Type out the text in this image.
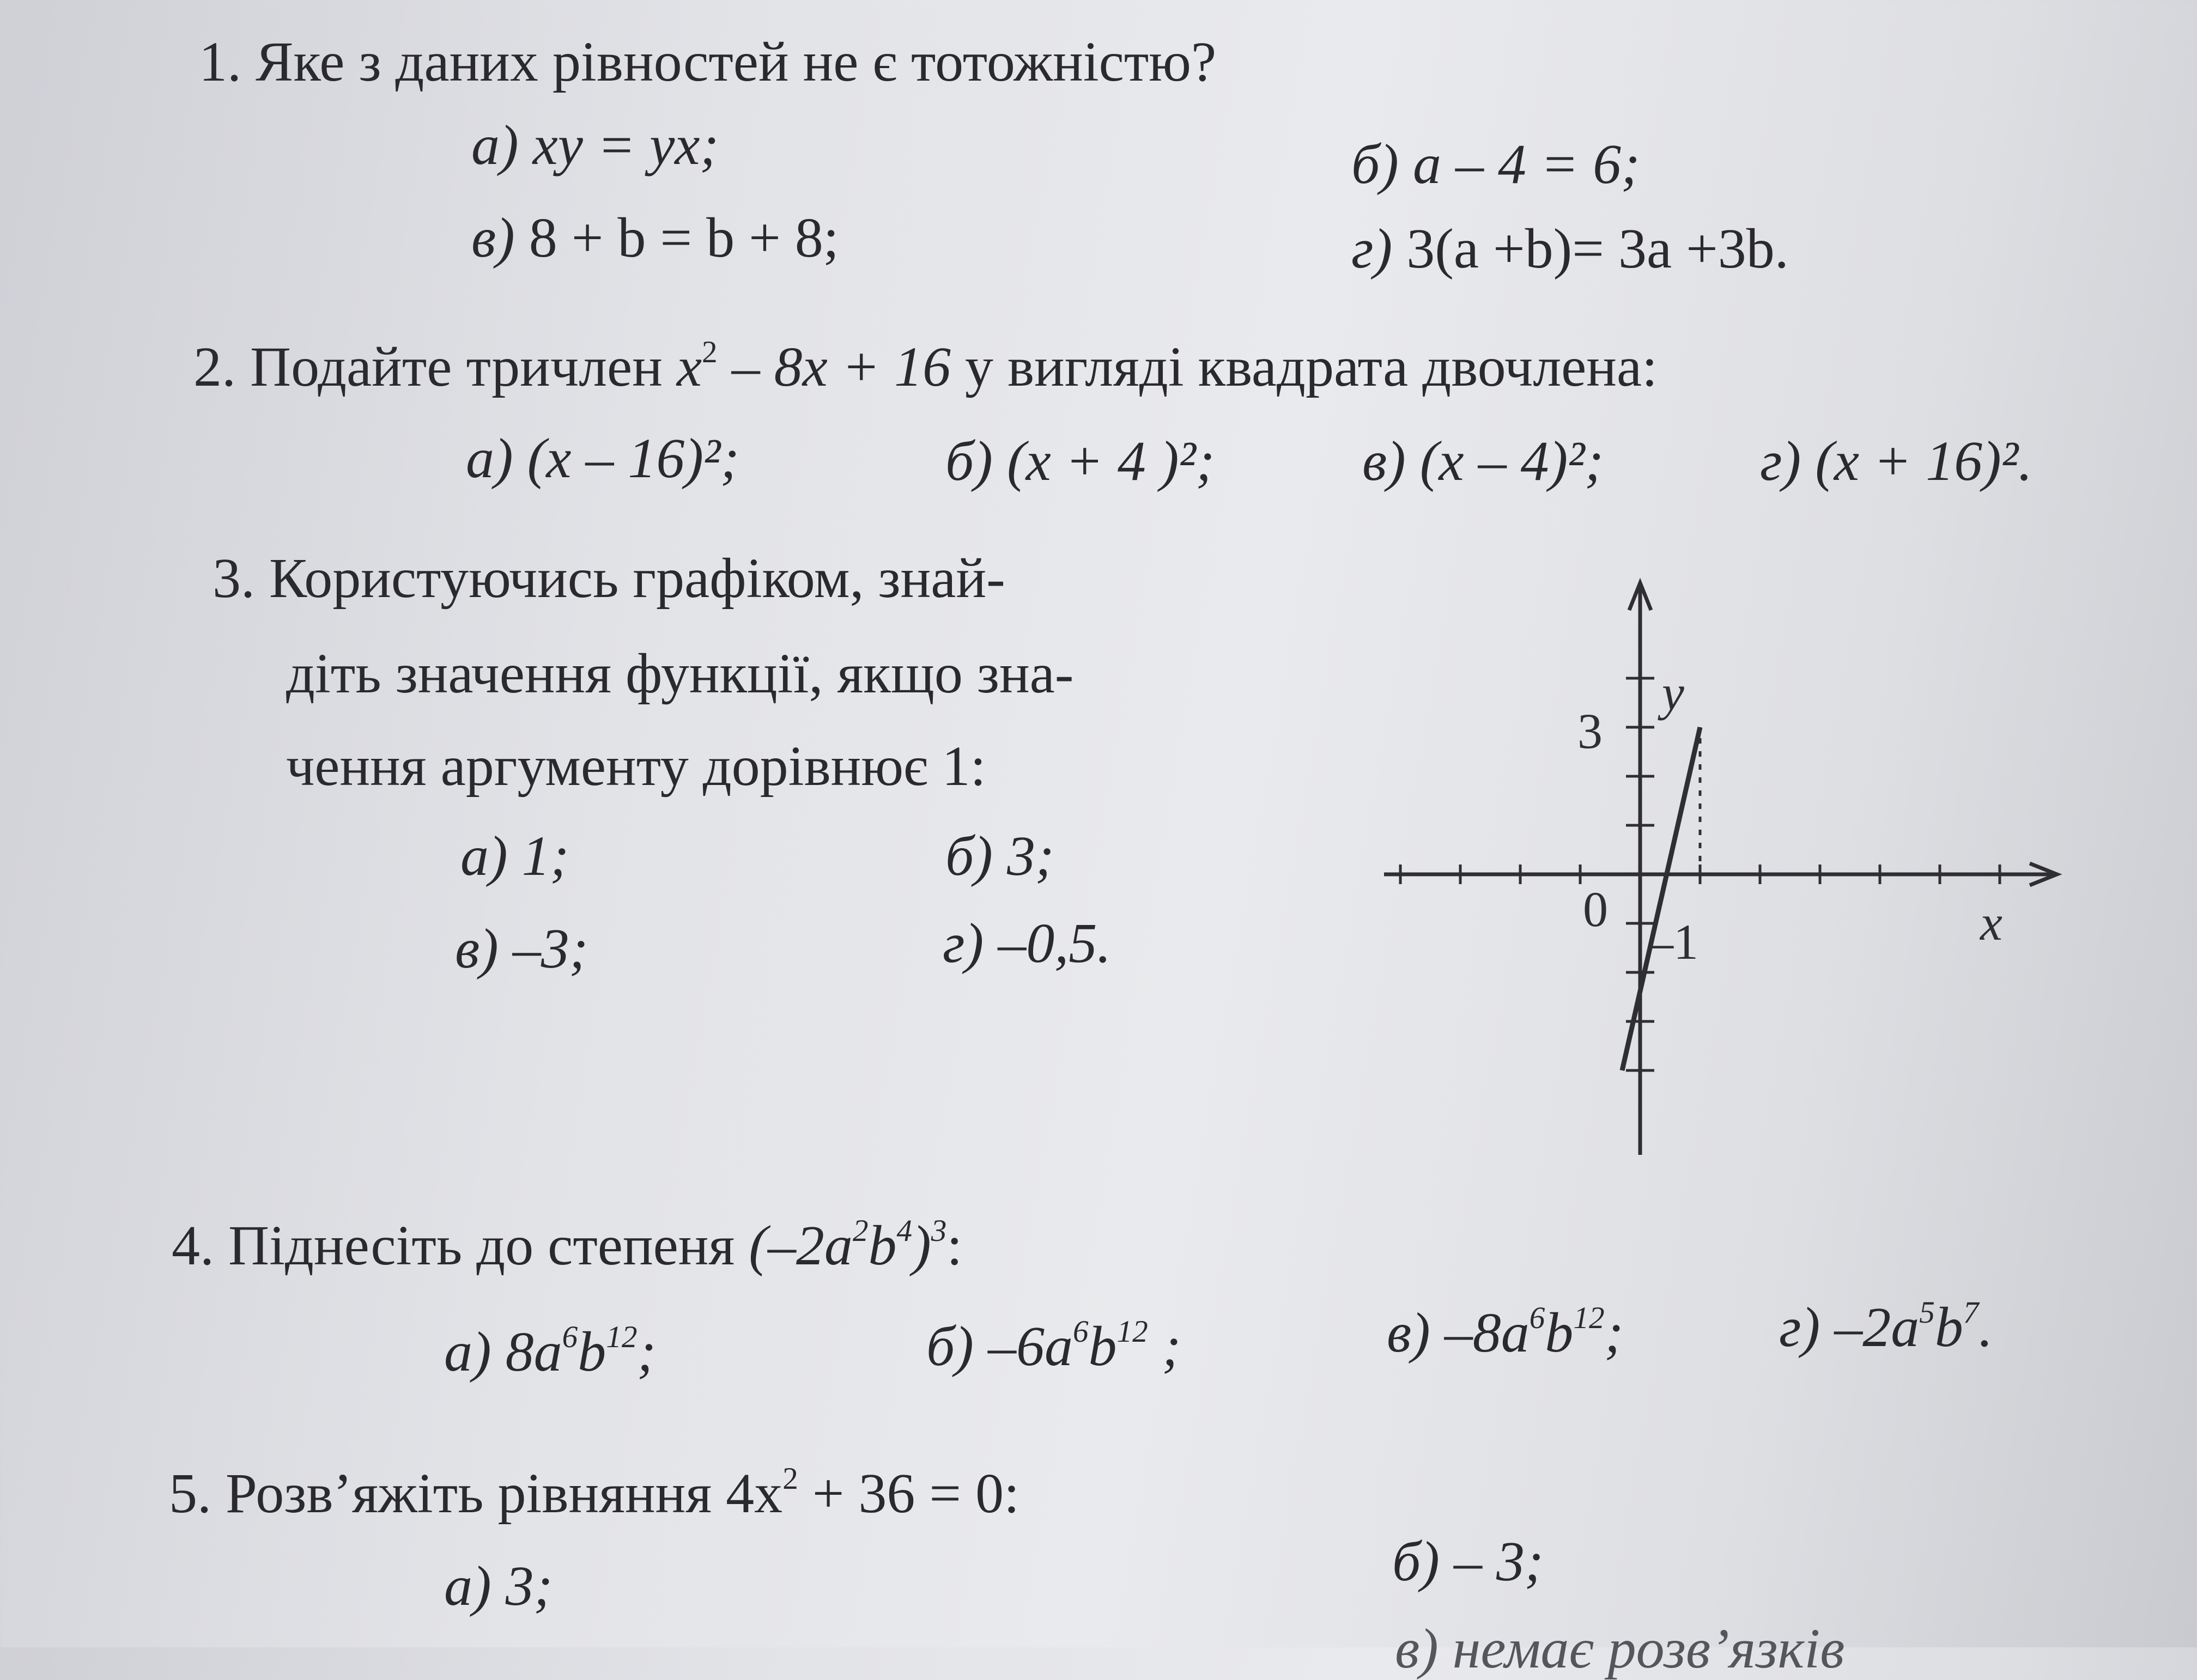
1. Яке з даних рівностей не є тотожністю?
а) xy = yx;	б) a – 4 = 6;
в) 8 + b = b + 8;	г) 3(a +b)= 3a +3b.
2. Подайте тричлен $x^2 - 8x + 16$ у вигляді квадрата двочлена:
а) (x – 16)²;	б) (x + 4 )²;	в) (x – 4)²;	г) (x + 16)².
3. Користуючись графіком, знай-
діть значення функції, якщо зна-
чення аргументу дорівнює 1:
а) 1;	б) 3;
в) –3;	г) –0,5.
y
3
0
–1	x
4. Піднесіть до степеня $(-2a^2b^4)^3$:
а) $8a^6b^{12}$;	б) $-6a^6b^{12}$ ;	в) $-8a^6b^{12}$;	г) $-2a^5b^7$.
5. Розв’яжіть рівняння $4x^2 + 36 = 0$:
а) 3;	б) – 3;
в) немає розв’язків
